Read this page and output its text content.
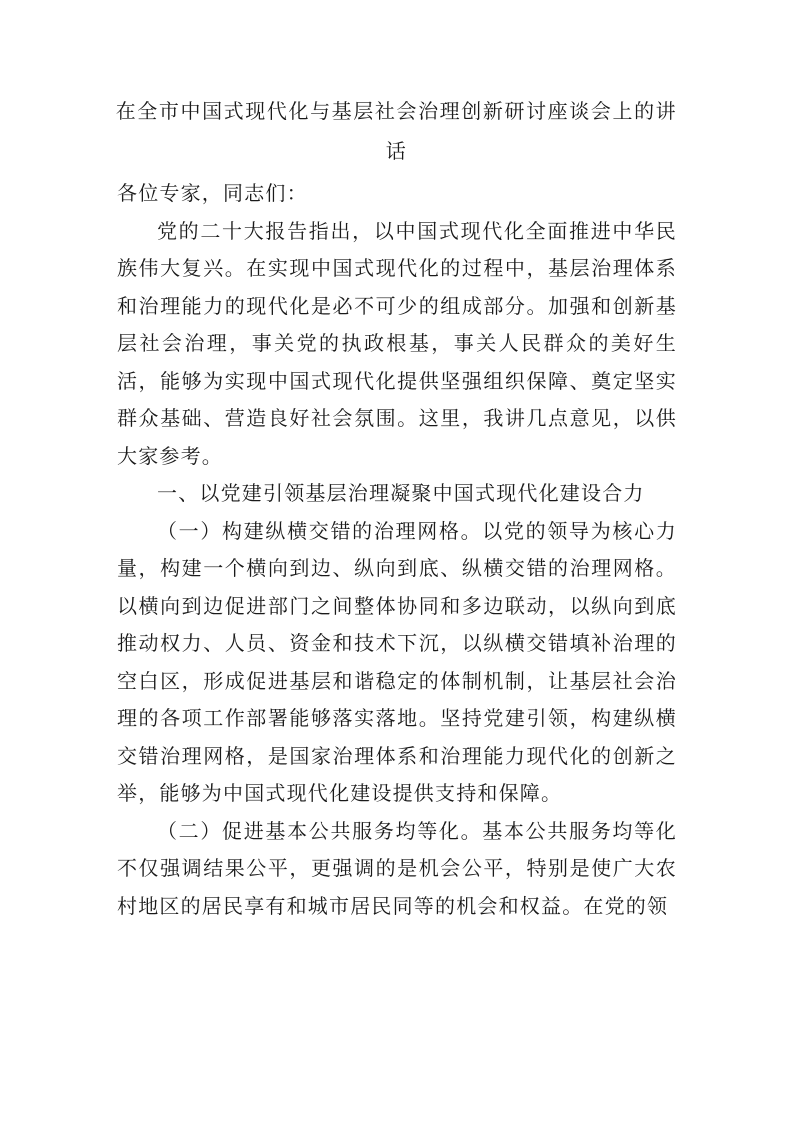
在全市中国式现代化与基层社会治理创新研讨座谈会上的讲话

各位专家，同志们：

党的二十大报告指出，以中国式现代化全面推进中华民族伟大复兴。在实现中国式现代化的过程中，基层治理体系和治理能力的现代化是必不可少的组成部分。加强和创新基层社会治理，事关党的执政根基，事关人民群众的美好生活，能够为实现中国式现代化提供坚强组织保障、奠定坚实群众基础、营造良好社会氛围。这里，我讲几点意见，以供大家参考。

一、以党建引领基层治理凝聚中国式现代化建设合力

（一）构建纵横交错的治理网格。以党的领导为核心力量，构建一个横向到边、纵向到底、纵横交错的治理网格。以横向到边促进部门之间整体协同和多边联动，以纵向到底推动权力、人员、资金和技术下沉，以纵横交错填补治理的空白区，形成促进基层和谐稳定的体制机制，让基层社会治理的各项工作部署能够落实落地。坚持党建引领，构建纵横交错治理网格，是国家治理体系和治理能力现代化的创新之举，能够为中国式现代化建设提供支持和保障。

（二）促进基本公共服务均等化。基本公共服务均等化不仅强调结果公平，更强调的是机会公平，特别是使广大农村地区的居民享有和城市居民同等的机会和权益。在党的领
